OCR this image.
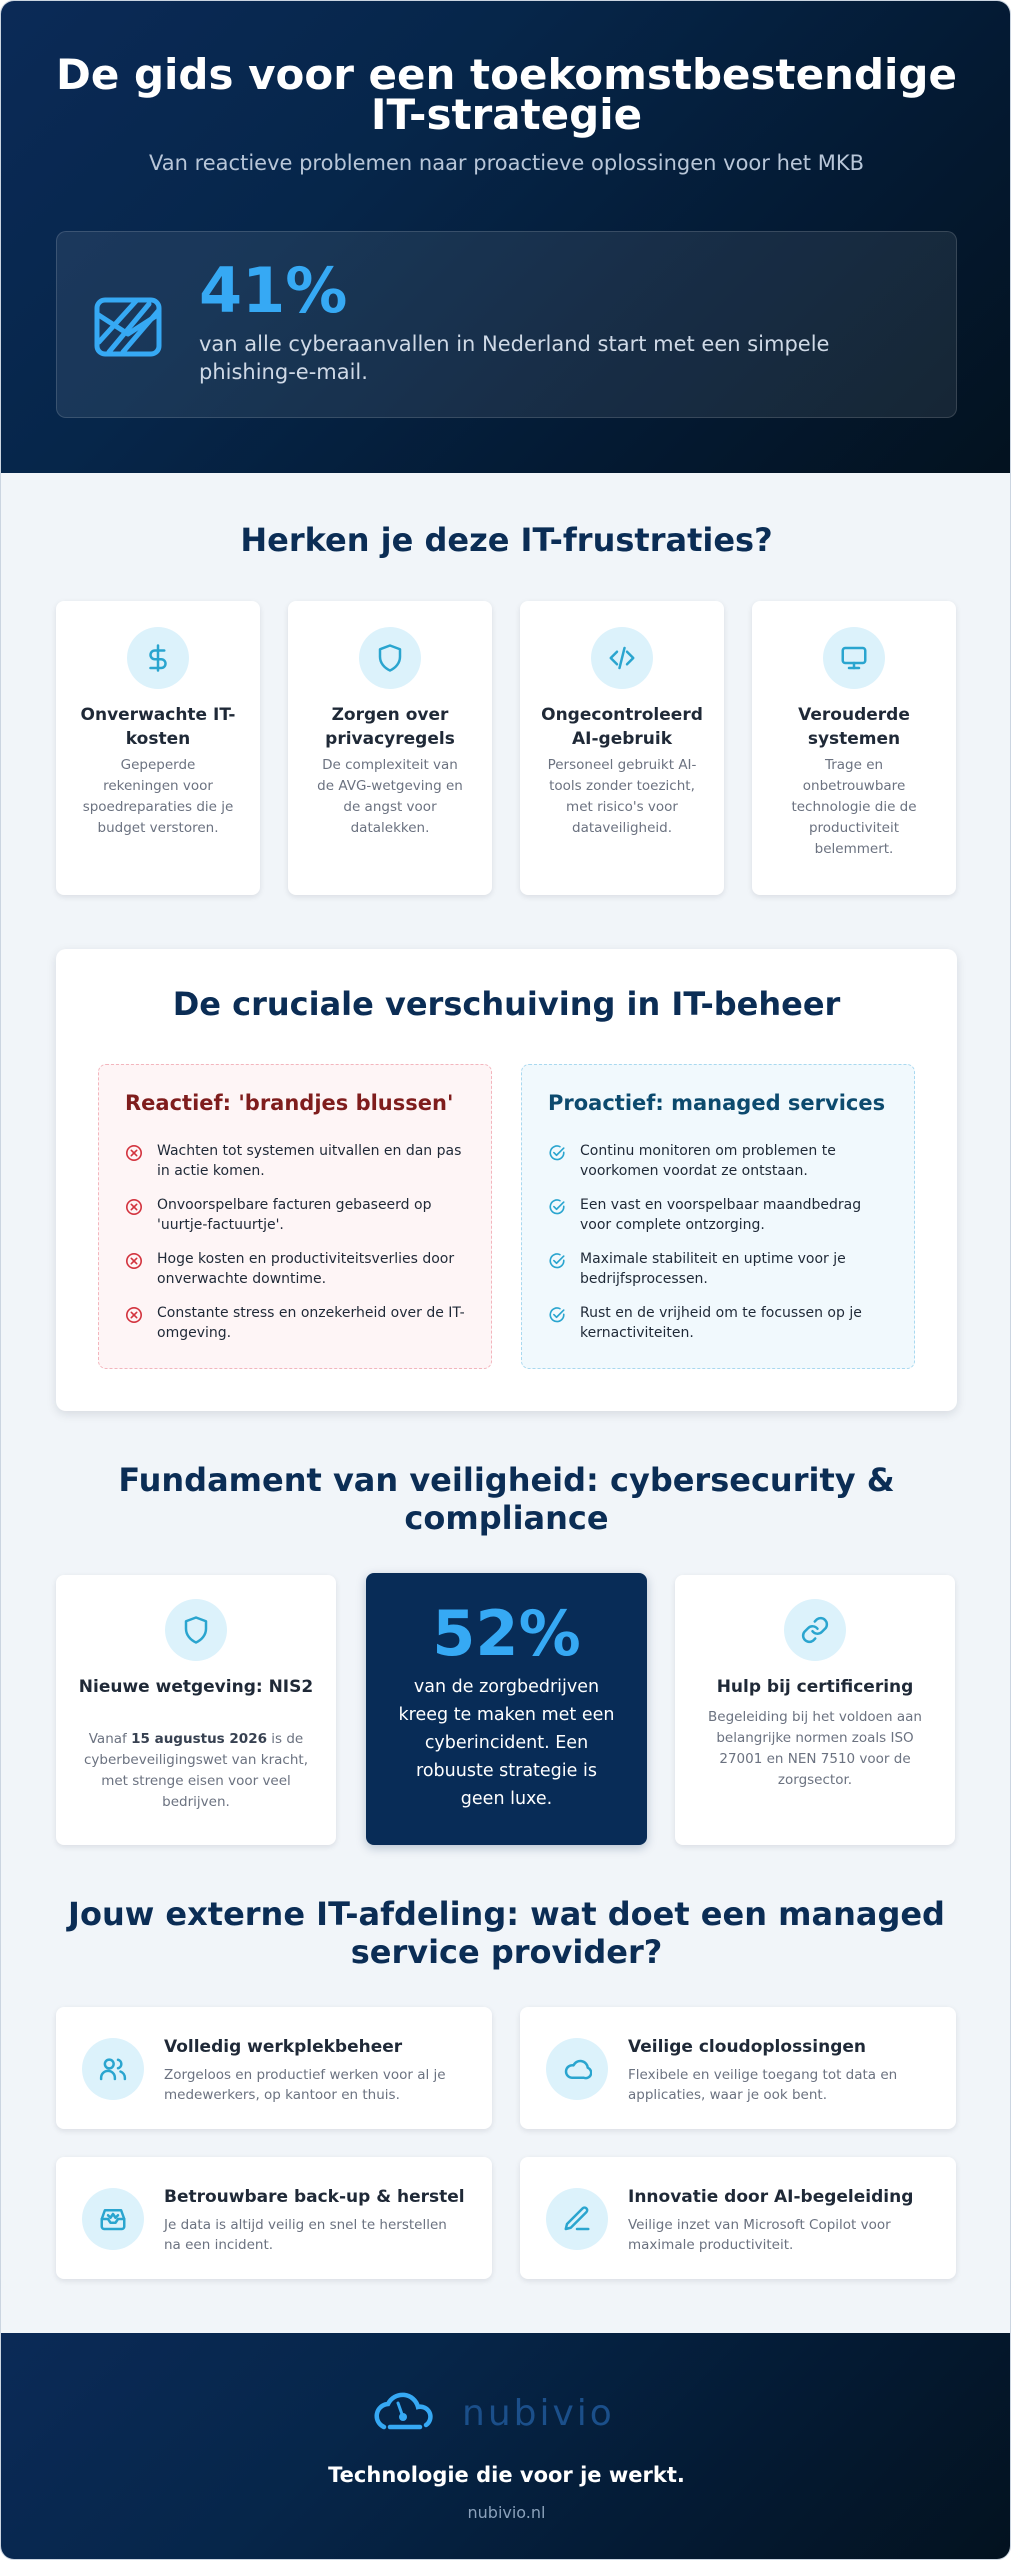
De gids voor een toekomstbestendige IT-strategie
Van reactieve problemen naar proactieve oplossingen voor het MKB
41%
van alle cyberaanvallen in Nederland start met een simpele phishing-e-mail.
Herken je deze IT-frustraties?
Onverwachte IT-kosten
Gepeperde rekeningen voor spoedreparaties die je budget verstoren.
Zorgen over privacyregels
De complexiteit van de AVG-wetgeving en de angst voor datalekken.
Ongecontroleerd AI-gebruik
Personeel gebruikt AI-tools zonder toezicht, met risico's voor dataveiligheid.
Verouderde systemen
Trage en onbetrouwbare technologie die de productiviteit belemmert.
De cruciale verschuiving in IT-beheer
Reactief: 'brandjes blussen'
Wachten tot systemen uitvallen en dan pas in actie komen.
Onvoorspelbare facturen gebaseerd op 'uurtje-factuurtje'.
Hoge kosten en productiviteitsverlies door onverwachte downtime.
Constante stress en onzekerheid over de IT-omgeving.
Proactief: managed services
Continu monitoren om problemen te voorkomen voordat ze ontstaan.
Een vast en voorspelbaar maandbedrag voor complete ontzorging.
Maximale stabiliteit en uptime voor je bedrijfsprocessen.
Rust en de vrijheid om te focussen op je kernactiviteiten.
Fundament van veiligheid: cybersecurity & compliance
Nieuwe wetgeving: NIS2
Vanaf 15 augustus 2026 is de cyberbeveiligingswet van kracht, met strenge eisen voor veel bedrijven.
52%
van de zorgbedrijven kreeg te maken met een cyberincident. Een robuuste strategie is geen luxe.
Hulp bij certificering
Begeleiding bij het voldoen aan belangrijke normen zoals ISO 27001 en NEN 7510 voor de zorgsector.
Jouw externe IT-afdeling: wat doet een managed service provider?
Volledig werkplekbeheer
Zorgeloos en productief werken voor al je medewerkers, op kantoor en thuis.
Veilige cloudoplossingen
Flexibele en veilige toegang tot data en applicaties, waar je ook bent.
Betrouwbare back-up & herstel
Je data is altijd veilig en snel te herstellen na een incident.
Innovatie door AI-begeleiding
Veilige inzet van Microsoft Copilot voor maximale productiviteit.
nubivio
Technologie die voor je werkt.
nubivio.nl
